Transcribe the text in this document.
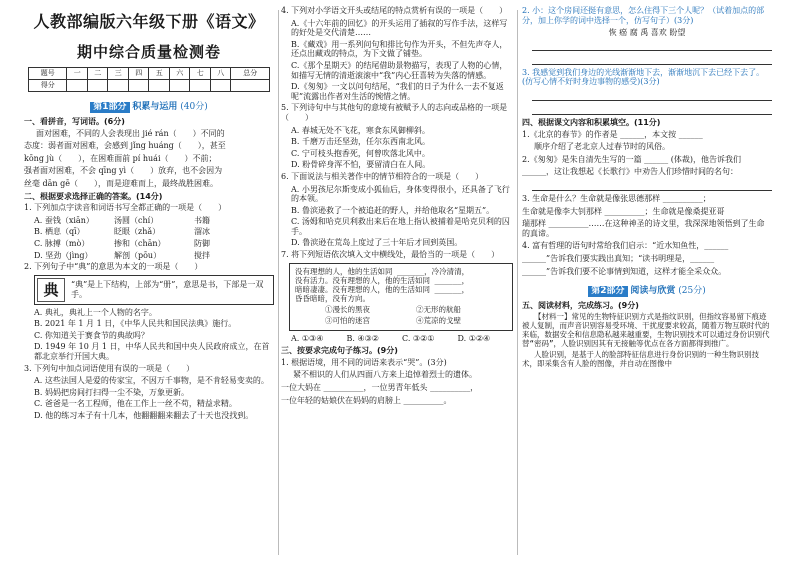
人教部编版六年级下册《语文》
期中综合质量检测卷
题号	一	二	三	四	五	六	七	八	总分
得分									
第1部分 积累与运用 (40分)
一、看拼音，写词语。(6分)
面对困难，不同的人会表现出 jié rán（　　）不同的
态度：弱者面对困难，会感到 jǐng huáng（　　），甚至
kōng jù（　　），在困难面前 pí huái（　　）不前；
强者面对困难，不会 qīng yì（　　）放弃，也不会因为
丝毫 dān gē（　　），而是迎难而上，最终战胜困难。
二、根据要求选择正确的答案。(14分)
1. 下列加点字读音和词语书写全都正确的一项是（　　）
A. 蚕钱（xiān）	汤圆（chí）	书籍
B. 栖息（qī）	眨眼（zhǎ）	溜冰
C. 脉搏（mò）	掺和（chān）	防御
D. 坚劲（jìng）	解剖（pōu）	搅拌
2. 下列句子中“典”的意思为本文的一项是（　　）
典	“典”是上下结构，上部为“册”，意思是书，下部是一双手。
A. 典礼，典礼上一个人物的名字。
B. 2021 年 1 月 1 日，《中华人民共和国民法典》施行。
C. 你知道关于赛食节的典故吗？
D. 1949 年 10 月 1 日，中华人民共和国中央人民政府成立，在首都北京举行开国大典。
3. 下列句中加点词语使用有误的一项是（　　）
A. 这些法国人是爱的传家宝，不因万千事物，是不肯轻易变卖的。
B. 妈妈把房间打扫得一尘不染，万象更新。
C. 爸爸是一名工程师，他在工作上一丝不苟，精益求精。
D. 他的练习本子有十几本，他翻翻翻来翻去了十天也没找到。
4. 下列对小学语文开头或结尾的特点赏析有误的一项是（　　）
A.《十六年前的回忆》的开头运用了插叙的写作手法，这样写的好处是交代清楚……
B.《藏戏》用一系列问句和排比句作为开头，不但先声夺人，还点出藏戏的特点，为下文做了铺垫。
C.《那个星期天》的结尾借助景物描写，表现了人物的心情，如描写无情的清逝滚滚中“我”内心狂喜转为失落的情感。
D.《匆匆》一文以问句结尾，“我们的日子为什么一去不复返呢”流露出作者对生活的惋惜之情。
5. 下列诗句中与其他句的意境有被赋予人的志向或品格的一项是（　　）
A. 春城无处不飞花，寒食东风御柳斜。
B. 千磨万击还坚劲，任尔东西南北风。
C. 宁可枝头抱香死，何曾吹落北风中。
D. 粉骨碎身浑不怕，要留清白在人间。
6. 下面说法与相关著作中的情节相符合的一项是（　　）
A. 小男孩尼尔斯变成小狐仙后，身体变得很小，还具备了飞行的本领。
B. 鲁滨逊救了一个被追赶的野人，并给他取名“星期五”。
C. 汤姆和哈克贝利救出来后在地上指认被捕着是哈克贝利的囚手。
D. 鲁滨逊在荒岛上度过了三十年后才回到英国。
7. 将下列短语依次填入文中横线处，最恰当的一项是（　　）
没有理想的人，他的生活如同 ______，冷冷清清，
没有活力。没有理想的人，他的生活如同 ______，
暗暗凄凄。没有理想的人，他的生活如同 ______，
昏昏暗暗，没有方向。
①漫长的黑夜	②无形的航船
③可怕的迷宫	④荒凉的戈壁
A. ①③④	B. ④③②	C. ③②①	D. ①②④
三、按要求完成句子练习。(9分)
1. 根据语境，用不同的词语来表示“哭”。(3分)
紧不相识的人们从四面八方来上追悼着烈士的遗体。
一位大妈在 __________，一位男青年低头 __________，
一位年轻的姑娘伏在妈妈的肩膀上 __________。
2. 小：这个房间还挺有意思，怎么住得下三个人呢？（试着加点的部分，加上你学的词中选择一个，仿写句子）(3分)
恢 癌 腐 禹 喜欢 盼望
3. 我感觉到我们身边的光线渐渐地下去，渐渐地沉下去已经下去了。(仿写心情不好时身边事物的感受)(3分)
四、根据课文内容和积累填空。(11分)
1.《北京的春节》的作者是 ______，本文按 ______
顺序介绍了老北京人过春节时的风俗。
2.《匆匆》是朱自清先生写的一篇 ______ (体裁)，他告诉我们
______，这让我想起《长歌行》中劝告人们珍惜时间的名句：
3. 生命是什么？生命就是像张思德那样 __________；
生命就是像李大钊那样 __________；生命就是像桑提亚哥
瑞那样 __________……在这种神圣的诗文里，我深深地领悟到了生命的真谛。
4. 富有哲理的语句时常给我们启示：“近水知鱼性，______
______”告诉我们要实践出真知；“读书明理是，______
______”告诉我们要不论事情到知道，这样才能全采众众。
第2部分 阅读与欣赏 (25分)
五、阅读材料，完成练习。(9分)
【材料一】常见的生物特征识别方式是指纹识别，但指纹容易留下痕迹被人复制，而声音识别容易受环境、干扰度要求较高，随着万物互联时代的来临，数据安全和信息隐私越来越重要，生物识别技术可以通过身份识别代替“密码”，人脸识别因其有无接触等优点在各方面都得到推广。
人脸识别，是基于人的脸部特征信息进行身份识别的一种生物识别技术，即采集含有人脸的图像，并自动在图像中
